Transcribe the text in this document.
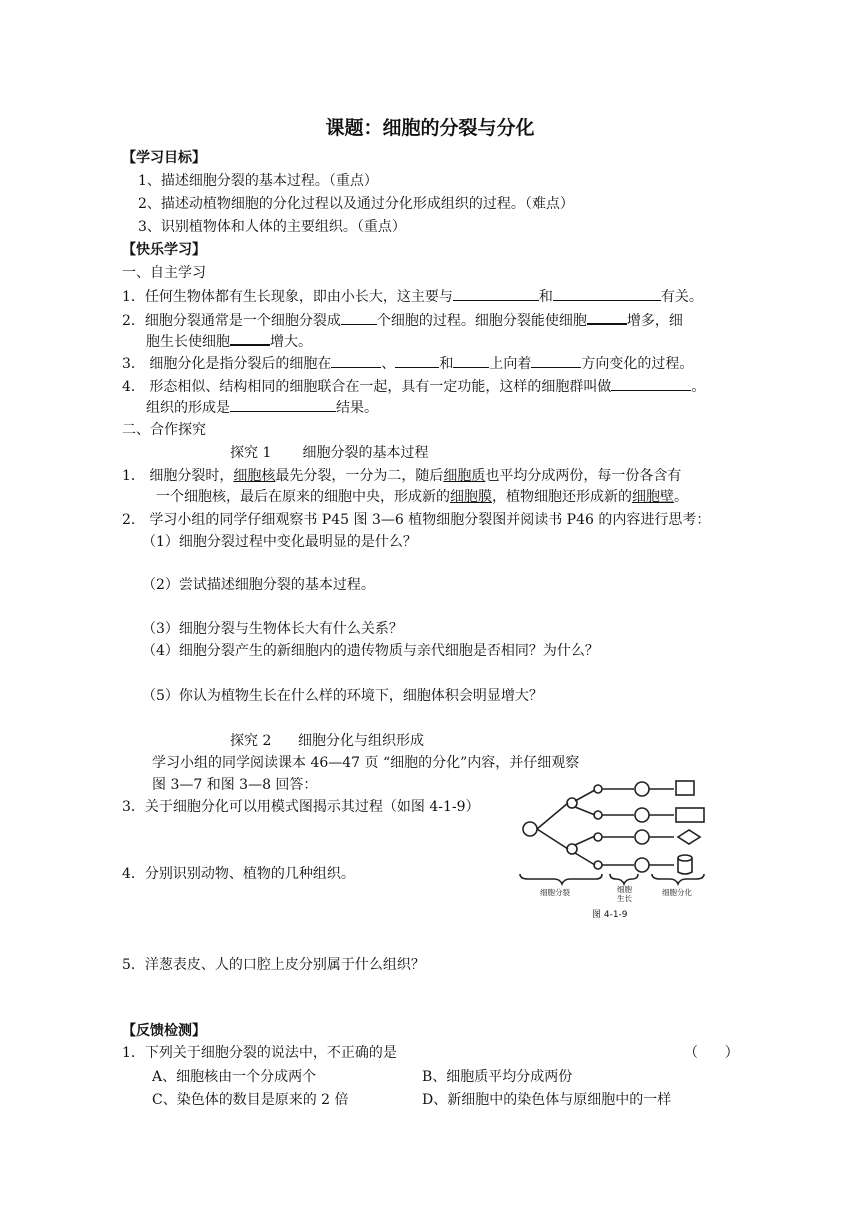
课题：细胞的分裂与分化
【学习目标】
1、描述细胞分裂的基本过程。（重点）
2、描述动植物细胞的分化过程以及通过分化形成组织的过程。（难点）
3、识别植物体和人体的主要组织。（重点）
【快乐学习】
一、自主学习
1．任何生物体都有生长现象，即由小长大，这主要与	和	有关。
2．细胞分裂通常是一个细胞分裂成	个细胞的过程。细胞分裂能使细胞	增多，细
胞生长使细胞	增大。
3． 细胞分化是指分裂后的细胞在	、	和	上向着	方向变化的过程。
4． 形态相似、结构相同的细胞联合在一起，具有一定功能，这样的细胞群叫做	。
组织的形成是	结果。
二、合作探究
探究 1       细胞分裂的基本过程
1． 细胞分裂时，细胞核最先分裂，一分为二，随后细胞质也平均分成两份，每一份各含有
一个细胞核，最后在原来的细胞中央，形成新的细胞膜，植物细胞还形成新的细胞壁。
2． 学习小组的同学仔细观察书 P45 图 3—6 植物细胞分裂图并阅读书 P46 的内容进行思考：
（1）细胞分裂过程中变化最明显的是什么？
（2）尝试描述细胞分裂的基本过程。
（3）细胞分裂与生物体长大有什么关系？
（4）细胞分裂产生的新细胞内的遗传物质与亲代细胞是否相同？为什么？
（5）你认为植物生长在什么样的环境下，细胞体积会明显增大？
探究 2      细胞分化与组织形成
学习小组的同学阅读课本 46—47 页 “细胞的分化”内容，并仔细观察
图 3—7 和图 3—8 回答：
3．关于细胞分化可以用模式图揭示其过程（如图 4-1-9）
4．分别识别动物、植物的几种组织。
5．洋葱表皮、人的口腔上皮分别属于什么组织？
细胞分裂	细胞
生长
细胞分化
图 4-1-9
【反馈检测】
1．下列关于细胞分裂的说法中，不正确的是	（      ）
A、细胞核由一个分成两个	B、细胞质平均分成两份
C、染色体的数目是原来的 2 倍	D、新细胞中的染色体与原细胞中的一样
